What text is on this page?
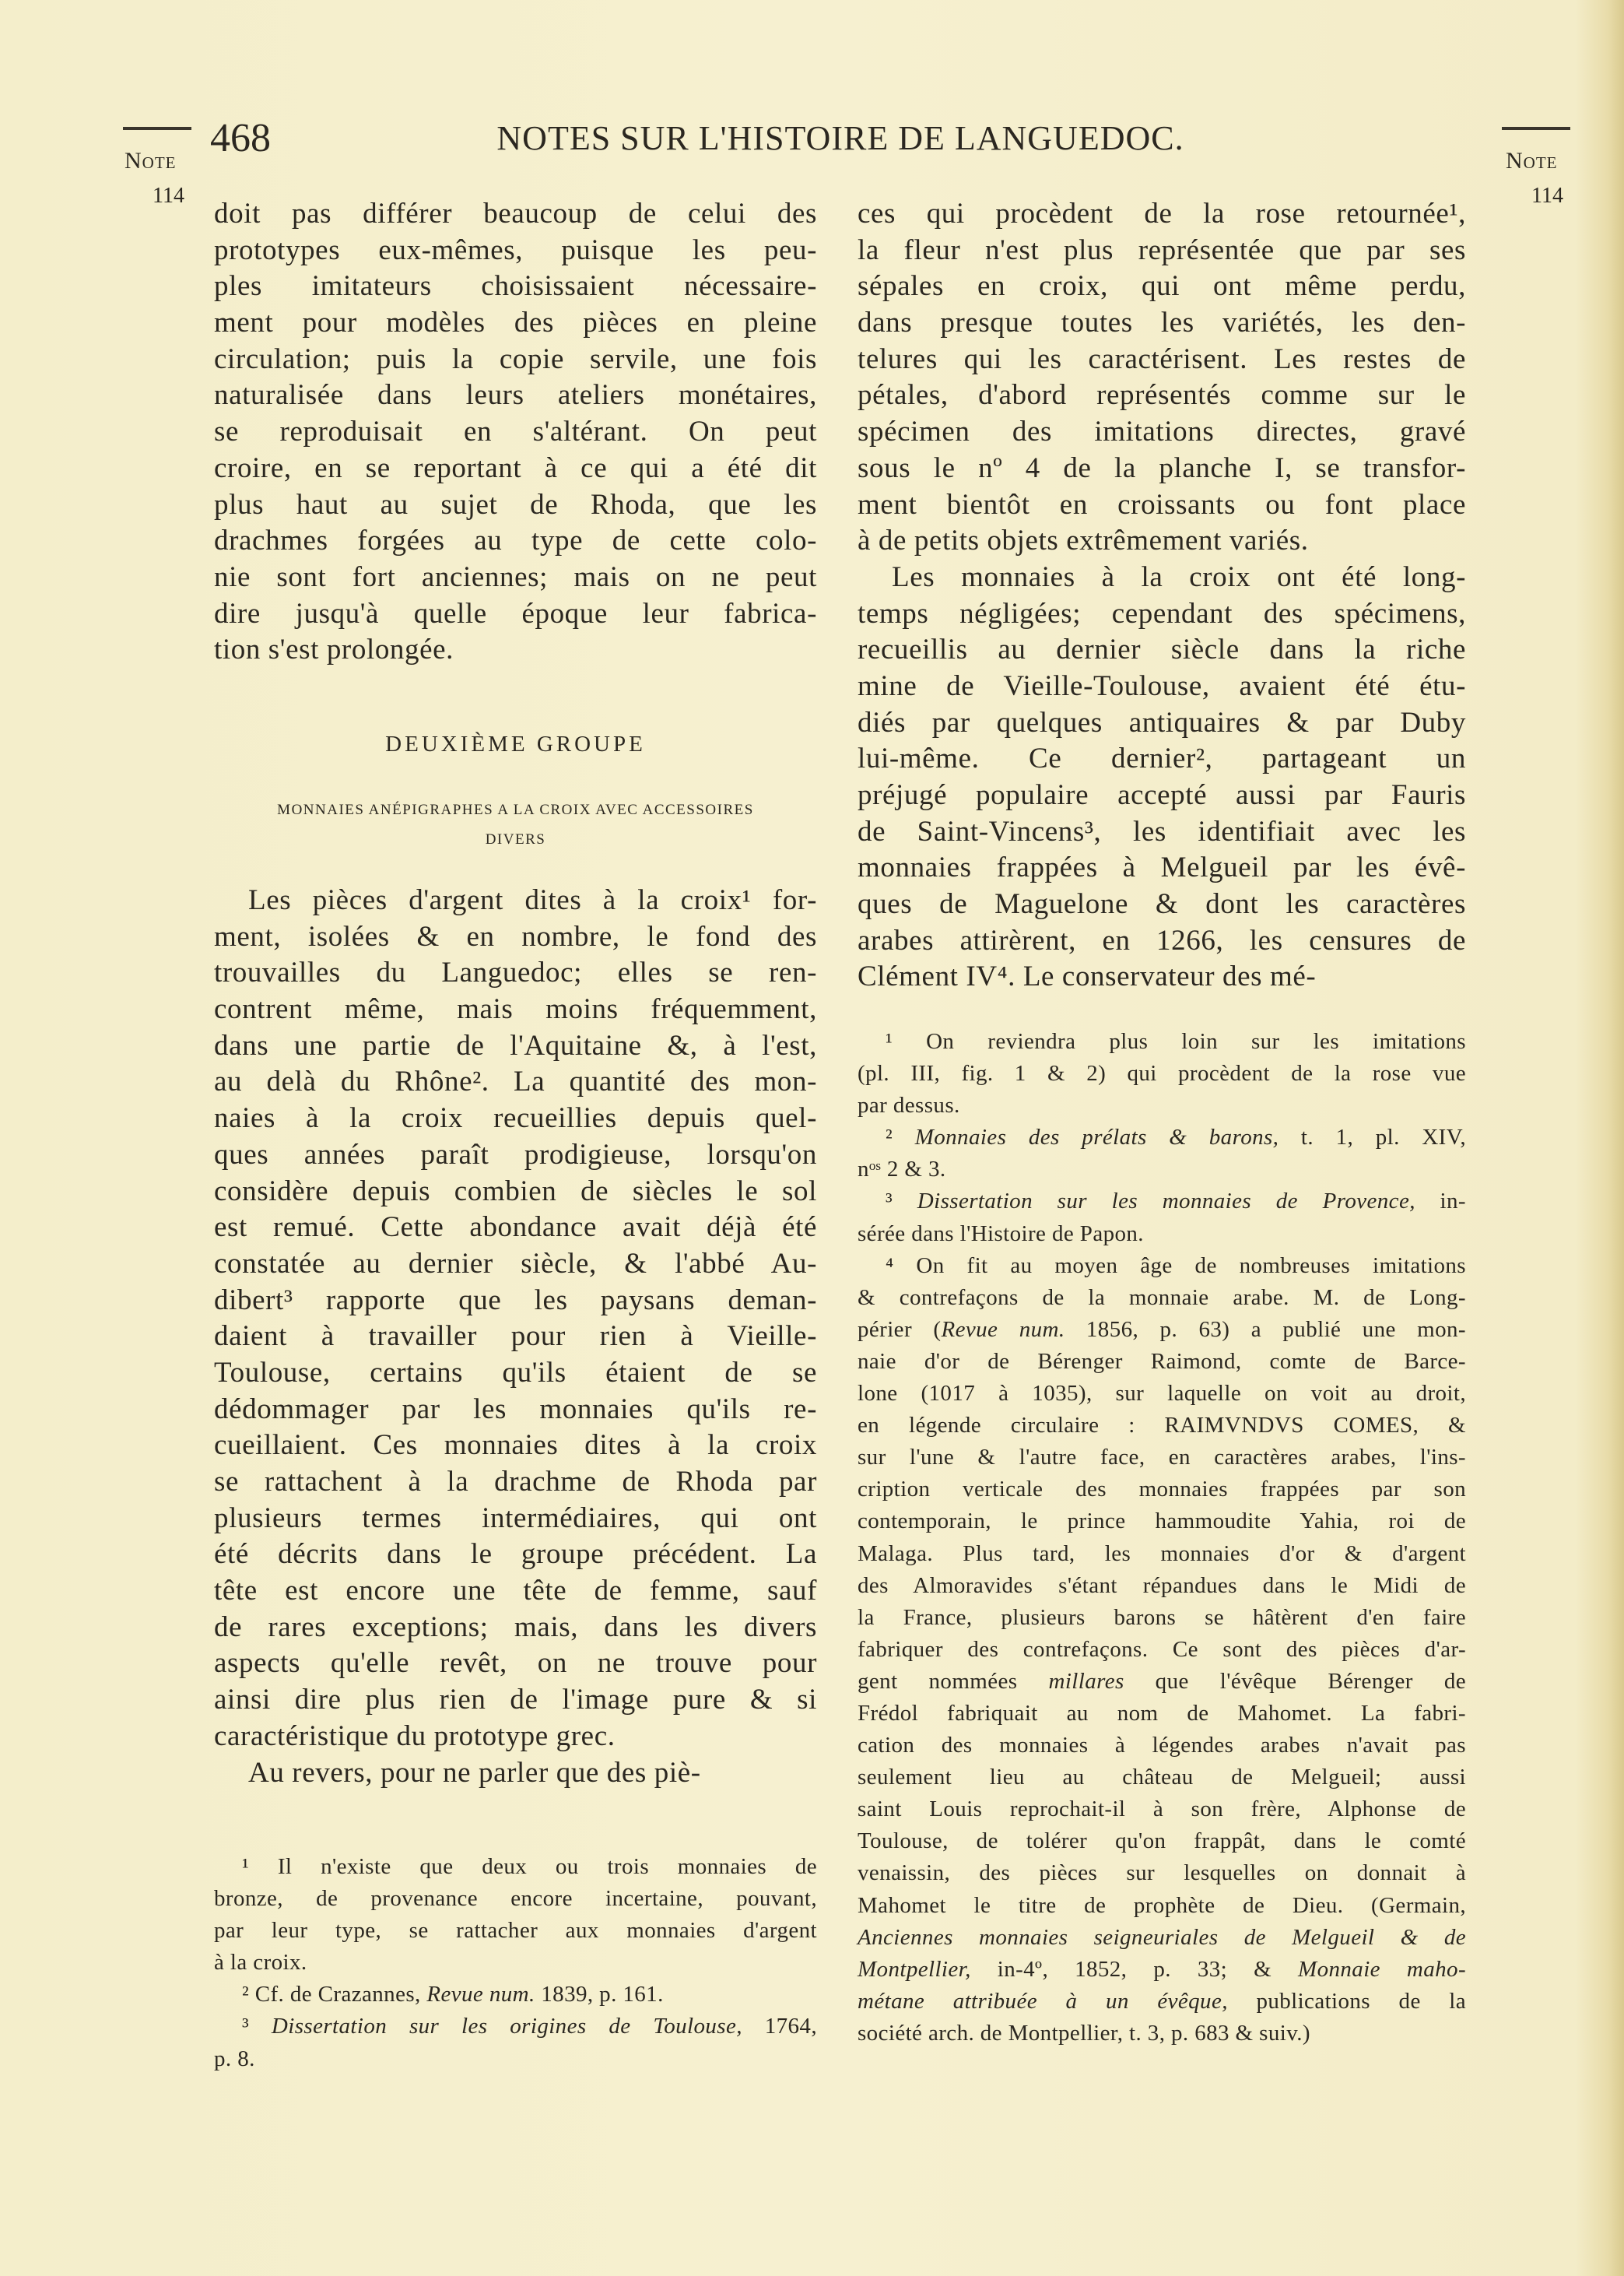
Note
114
Note
114
468	NOTES SUR L'HISTOIRE DE LANGUEDOC.
doit pas différer beaucoup de celui des
prototypes eux-mêmes, puisque les peu-
ples imitateurs choisissaient nécessaire-
ment pour modèles des pièces en pleine
circulation; puis la copie servile, une fois
naturalisée dans leurs ateliers monétaires,
se reproduisait en s'altérant. On peut
croire, en se reportant à ce qui a été dit
plus haut au sujet de Rhoda, que les
drachmes forgées au type de cette colo-
nie sont fort anciennes; mais on ne peut
dire jusqu'à quelle époque leur fabrica-
tion s'est prolongée.
DEUXIÈME GROUPE
MONNAIES ANÉPIGRAPHES A LA CROIX AVEC ACCESSOIRES
DIVERS
Les pièces d'argent dites à la croix¹ for-
ment, isolées & en nombre, le fond des
trouvailles du Languedoc; elles se ren-
contrent même, mais moins fréquemment,
dans une partie de l'Aquitaine &, à l'est,
au delà du Rhône². La quantité des mon-
naies à la croix recueillies depuis quel-
ques années paraît prodigieuse, lorsqu'on
considère depuis combien de siècles le sol
est remué. Cette abondance avait déjà été
constatée au dernier siècle, & l'abbé Au-
dibert³ rapporte que les paysans deman-
daient à travailler pour rien à Vieille-
Toulouse, certains qu'ils étaient de se
dédommager par les monnaies qu'ils re-
cueillaient. Ces monnaies dites à la croix
se rattachent à la drachme de Rhoda par
plusieurs termes intermédiaires, qui ont
été décrits dans le groupe précédent. La
tête est encore une tête de femme, sauf
de rares exceptions; mais, dans les divers
aspects qu'elle revêt, on ne trouve pour
ainsi dire plus rien de l'image pure & si
caractéristique du prototype grec.
Au revers, pour ne parler que des piè-
¹ Il n'existe que deux ou trois monnaies de
bronze, de provenance encore incertaine, pouvant,
par leur type, se rattacher aux monnaies d'argent
à la croix.
² Cf. de Crazannes, Revue num. 1839, p. 161.
³ Dissertation sur les origines de Toulouse, 1764,
p. 8.
ces qui procèdent de la rose retournée¹,
la fleur n'est plus représentée que par ses
sépales en croix, qui ont même perdu,
dans presque toutes les variétés, les den-
telures qui les caractérisent. Les restes de
pétales, d'abord représentés comme sur le
spécimen des imitations directes, gravé
sous le nº 4 de la planche I, se transfor-
ment bientôt en croissants ou font place
à de petits objets extrêmement variés.
Les monnaies à la croix ont été long-
temps négligées; cependant des spécimens,
recueillis au dernier siècle dans la riche
mine de Vieille-Toulouse, avaient été étu-
diés par quelques antiquaires & par Duby
lui-même. Ce dernier², partageant un
préjugé populaire accepté aussi par Fauris
de Saint-Vincens³, les identifiait avec les
monnaies frappées à Melgueil par les évê-
ques de Maguelone & dont les caractères
arabes attirèrent, en 1266, les censures de
Clément IV⁴. Le conservateur des mé-
¹ On reviendra plus loin sur les imitations
(pl. III, fig. 1 & 2) qui procèdent de la rose vue
par dessus.
² Monnaies des prélats & barons, t. 1, pl. XIV,
nᵒˢ 2 & 3.
³ Dissertation sur les monnaies de Provence, in-
sérée dans l'Histoire de Papon.
⁴ On fit au moyen âge de nombreuses imitations
& contrefaçons de la monnaie arabe. M. de Long-
périer (Revue num. 1856, p. 63) a publié une mon-
naie d'or de Bérenger Raimond, comte de Barce-
lone (1017 à 1035), sur laquelle on voit au droit,
en légende circulaire : RAIMVNDVS COMES, &
sur l'une & l'autre face, en caractères arabes, l'ins-
cription verticale des monnaies frappées par son
contemporain, le prince hammoudite Yahia, roi de
Malaga. Plus tard, les monnaies d'or & d'argent
des Almoravides s'étant répandues dans le Midi de
la France, plusieurs barons se hâtèrent d'en faire
fabriquer des contrefaçons. Ce sont des pièces d'ar-
gent nommées millares que l'évêque Bérenger de
Frédol fabriquait au nom de Mahomet. La fabri-
cation des monnaies à légendes arabes n'avait pas
seulement lieu au château de Melgueil; aussi
saint Louis reprochait-il à son frère, Alphonse de
Toulouse, de tolérer qu'on frappât, dans le comté
venaissin, des pièces sur lesquelles on donnait à
Mahomet le titre de prophète de Dieu. (Germain,
Anciennes monnaies seigneuriales de Melgueil & de
Montpellier, in-4º, 1852, p. 33; & Monnaie maho-
métane attribuée à un évêque, publications de la
société arch. de Montpellier, t. 3, p. 683 & suiv.)
